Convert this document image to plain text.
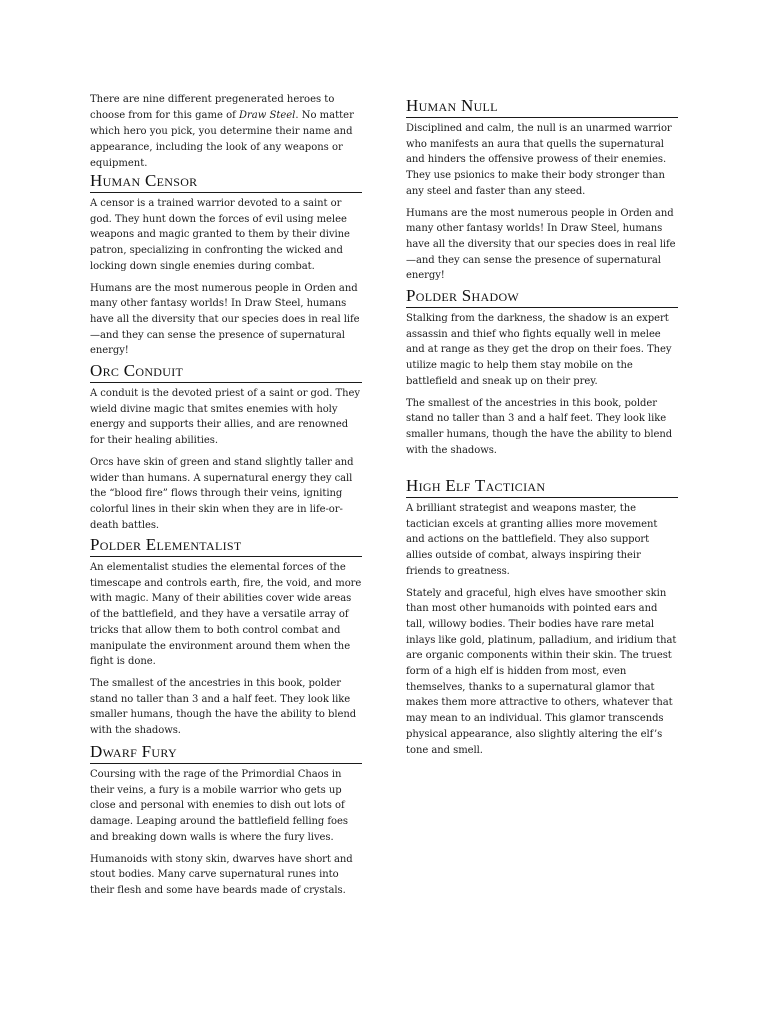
There are nine different pregenerated heroes to choose from for this game of Draw Steel. No matter which hero you pick, you determine their name and appearance, including the look of any weapons or equipment.

Human Censor

A censor is a trained warrior devoted to a saint or god. They hunt down the forces of evil using melee weapons and magic granted to them by their divine patron, specializing in confronting the wicked and locking down single enemies during combat.

Humans are the most numerous people in Orden and many other fantasy worlds! In Draw Steel, humans have all the diversity that our species does in real life—and they can sense the presence of supernatural energy!

Orc Conduit

A conduit is the devoted priest of a saint or god. They wield divine magic that smites enemies with holy energy and supports their allies, and are renowned for their healing abilities.

Orcs have skin of green and stand slightly taller and wider than humans. A supernatural energy they call the “blood fire” flows through their veins, igniting colorful lines in their skin when they are in life-or-death battles.

Polder Elementalist

An elementalist studies the elemental forces of the timescape and controls earth, fire, the void, and more with magic. Many of their abilities cover wide areas of the battlefield, and they have a versatile array of tricks that allow them to both control combat and manipulate the environment around them when the fight is done.

The smallest of the ancestries in this book, polder stand no taller than 3 and a half feet. They look like smaller humans, though the have the ability to blend with the shadows.

Dwarf Fury

Coursing with the rage of the Primordial Chaos in their veins, a fury is a mobile warrior who gets up close and personal with enemies to dish out lots of damage. Leaping around the battlefield felling foes and breaking down walls is where the fury lives.

Humanoids with stony skin, dwarves have short and stout bodies. Many carve supernatural runes into their flesh and some have beards made of crystals.

Human Null

Disciplined and calm, the null is an unarmed warrior who manifests an aura that quells the supernatural and hinders the offensive prowess of their enemies. They use psionics to make their body stronger than any steel and faster than any steed.

Humans are the most numerous people in Orden and many other fantasy worlds! In Draw Steel, humans have all the diversity that our species does in real life—and they can sense the presence of supernatural energy!

Polder Shadow

Stalking from the darkness, the shadow is an expert assassin and thief who fights equally well in melee and at range as they get the drop on their foes. They utilize magic to help them stay mobile on the battlefield and sneak up on their prey.

The smallest of the ancestries in this book, polder stand no taller than 3 and a half feet. They look like smaller humans, though the have the ability to blend with the shadows.

High Elf Tactician

A brilliant strategist and weapons master, the tactician excels at granting allies more movement and actions on the battlefield. They also support allies outside of combat, always inspiring their friends to greatness.

Stately and graceful, high elves have smoother skin than most other humanoids with pointed ears and tall, willowy bodies. Their bodies have rare metal inlays like gold, platinum, palladium, and iridium that are organic components within their skin. The truest form of a high elf is hidden from most, even themselves, thanks to a supernatural glamor that makes them more attractive to others, whatever that may mean to an individual. This glamor transcends physical appearance, also slightly altering the elf’s tone and smell.
